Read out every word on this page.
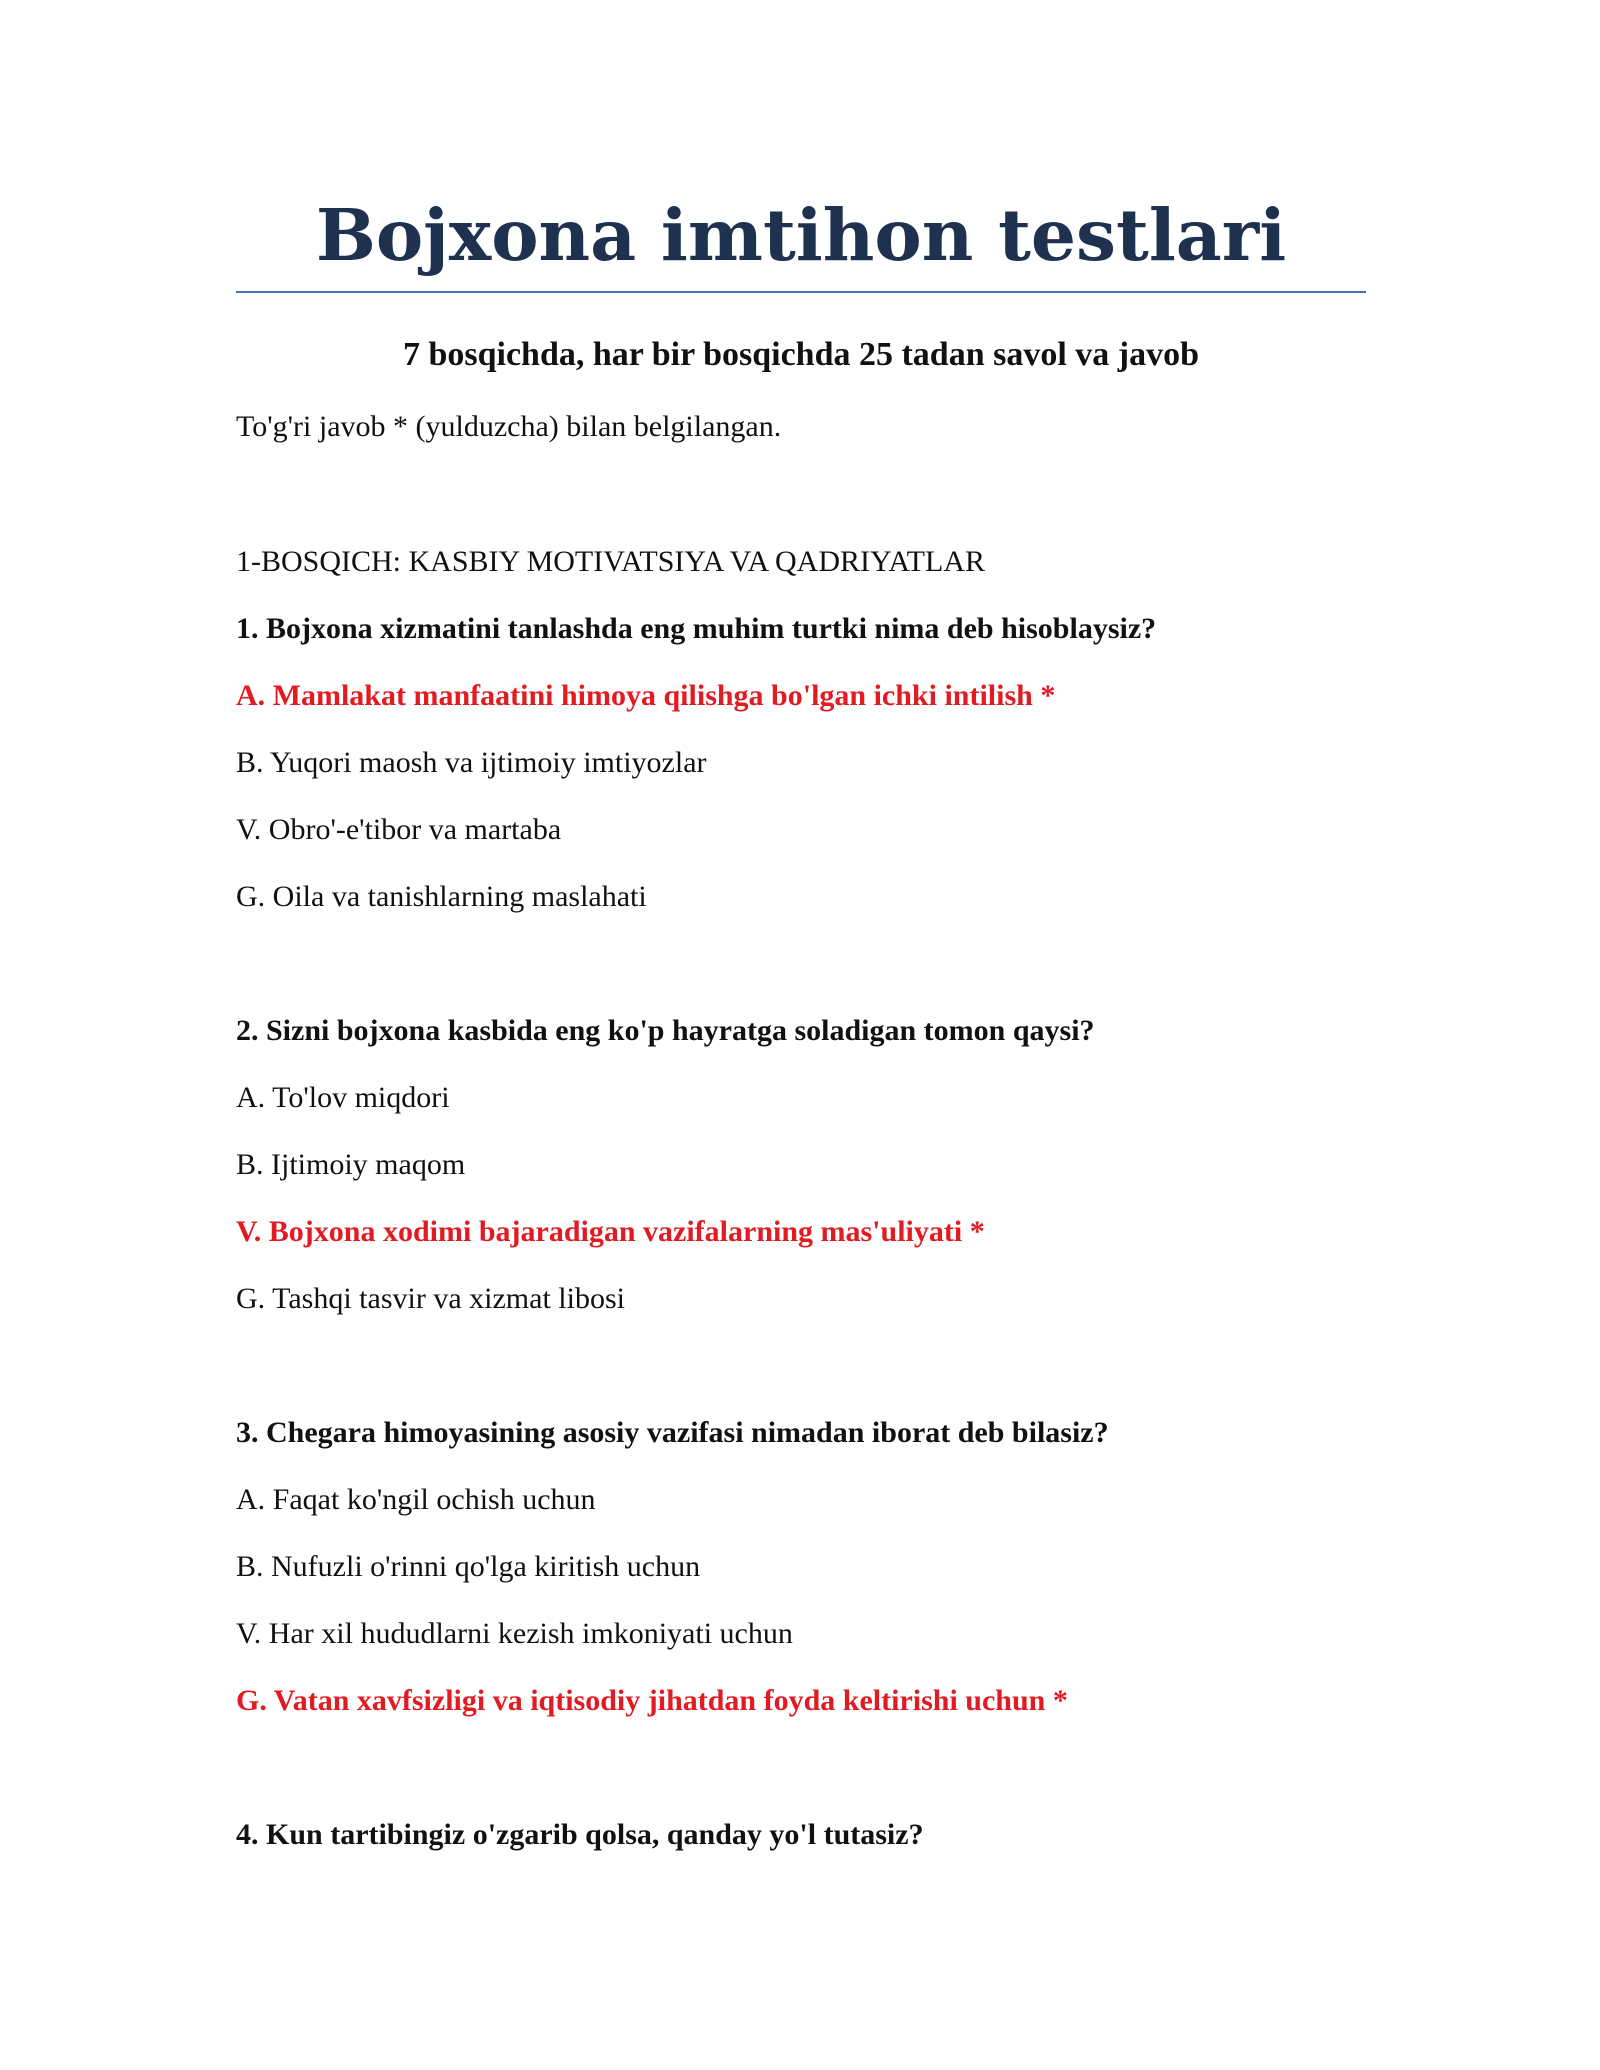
Bojxona imtihon testlari
7 bosqichda, har bir bosqichda 25 tadan savol va javob

To'g'ri javob * (yulduzcha) bilan belgilangan.

1-BOSQICH: KASBIY MOTIVATSIYA VA QADRIYATLAR

1. Bojxona xizmatini tanlashda eng muhim turtki nima deb hisoblaysiz?

A. Mamlakat manfaatini himoya qilishga bo'lgan ichki intilish *

B. Yuqori maosh va ijtimoiy imtiyozlar

V. Obro'-e'tibor va martaba

G. Oila va tanishlarning maslahati

2. Sizni bojxona kasbida eng ko'p hayratga soladigan tomon qaysi?

A. To'lov miqdori

B. Ijtimoiy maqom

V. Bojxona xodimi bajaradigan vazifalarning mas'uliyati *

G. Tashqi tasvir va xizmat libosi

3. Chegara himoyasining asosiy vazifasi nimadan iborat deb bilasiz?

A. Faqat ko'ngil ochish uchun

B. Nufuzli o'rinni qo'lga kiritish uchun

V. Har xil hududlarni kezish imkoniyati uchun

G. Vatan xavfsizligi va iqtisodiy jihatdan foyda keltirishi uchun *

4. Kun tartibingiz o'zgarib qolsa, qanday yo'l tutasiz?
